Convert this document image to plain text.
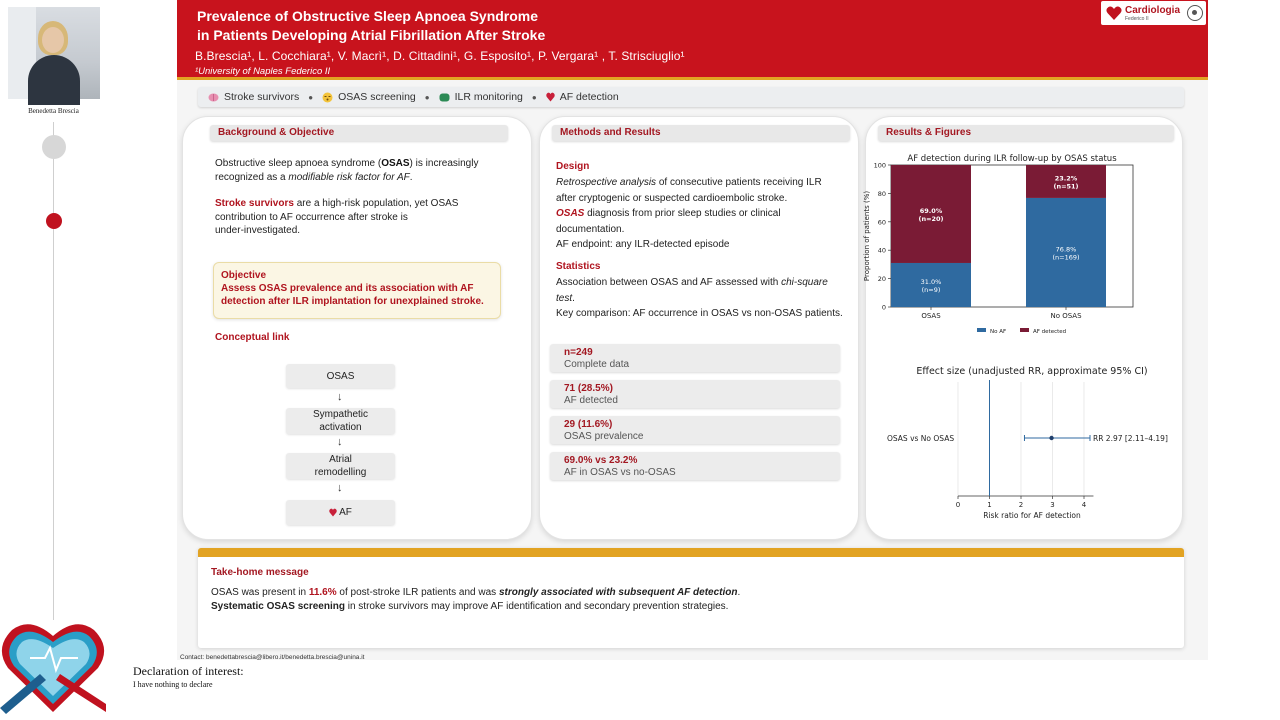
Benedetta Brescia
Declaration of interest:
I have nothing to declare
Prevalence of Obstructive Sleep Apnoea Syndrome
in Patients Developing Atrial Fibrillation After Stroke
B.Brescia¹, L. Cocchiara¹, V. Macrì¹, D. Cittadini¹, G. Esposito¹, P. Vergara¹ , T. Strisciuglio¹
¹University of Naples Federico II
Cardiologia
Federico II
Stroke survivors ● OSAS screening ● ILR monitoring ● AF detection
Background & Objective
Obstructive sleep apnoea syndrome (OSAS) is increasingly
recognized as a modifiable risk factor for AF.
Stroke survivors are a high-risk population, yet OSAS
contribution to AF occurrence after stroke is
under-investigated.
Objective
Assess OSAS prevalence and its association with AF
detection after ILR implantation for unexplained stroke.
Conceptual link
OSAS
↓
Sympathetic activation
↓
Atrial remodelling
↓
AF
Methods and Results
Design
Retrospective analysis of consecutive patients receiving ILR
after cryptogenic or suspected cardioembolic stroke.
OSAS diagnosis from prior sleep studies or clinical
documentation.
AF endpoint: any ILR-detected episode
Statistics
Association between OSAS and AF assessed with chi-square
test.
Key comparison: AF occurrence in OSAS vs non-OSAS patients.
n=249
Complete data
71 (28.5%)
AF detected
29 (11.6%)
OSAS prevalence
69.0% vs 23.2%
AF in OSAS vs no-OSAS
Results & Figures
AF detection during ILR follow-up by OSAS status
0
20
40
60
80
100
Proportion of patients (%)
31.0%
(n=9)
69.0%
(n=20)
OSAS
76.8%
(n=169)
23.2%
(n=51)
No OSAS
No AF	AF detected
Effect size (unadjusted RR, approximate 95% CI)
0	1	2	3	4
Risk ratio for AF detection
OSAS vs No OSAS	RR 2.97 [2.11–4.19]
Take-home message
OSAS was present in 11.6% of post-stroke ILR patients and was strongly associated with subsequent AF detection.
Systematic OSAS screening in stroke survivors may improve AF identification and secondary prevention strategies.
Contact: benedettabrescia@libero.it/benedetta.brescia@unina.it
